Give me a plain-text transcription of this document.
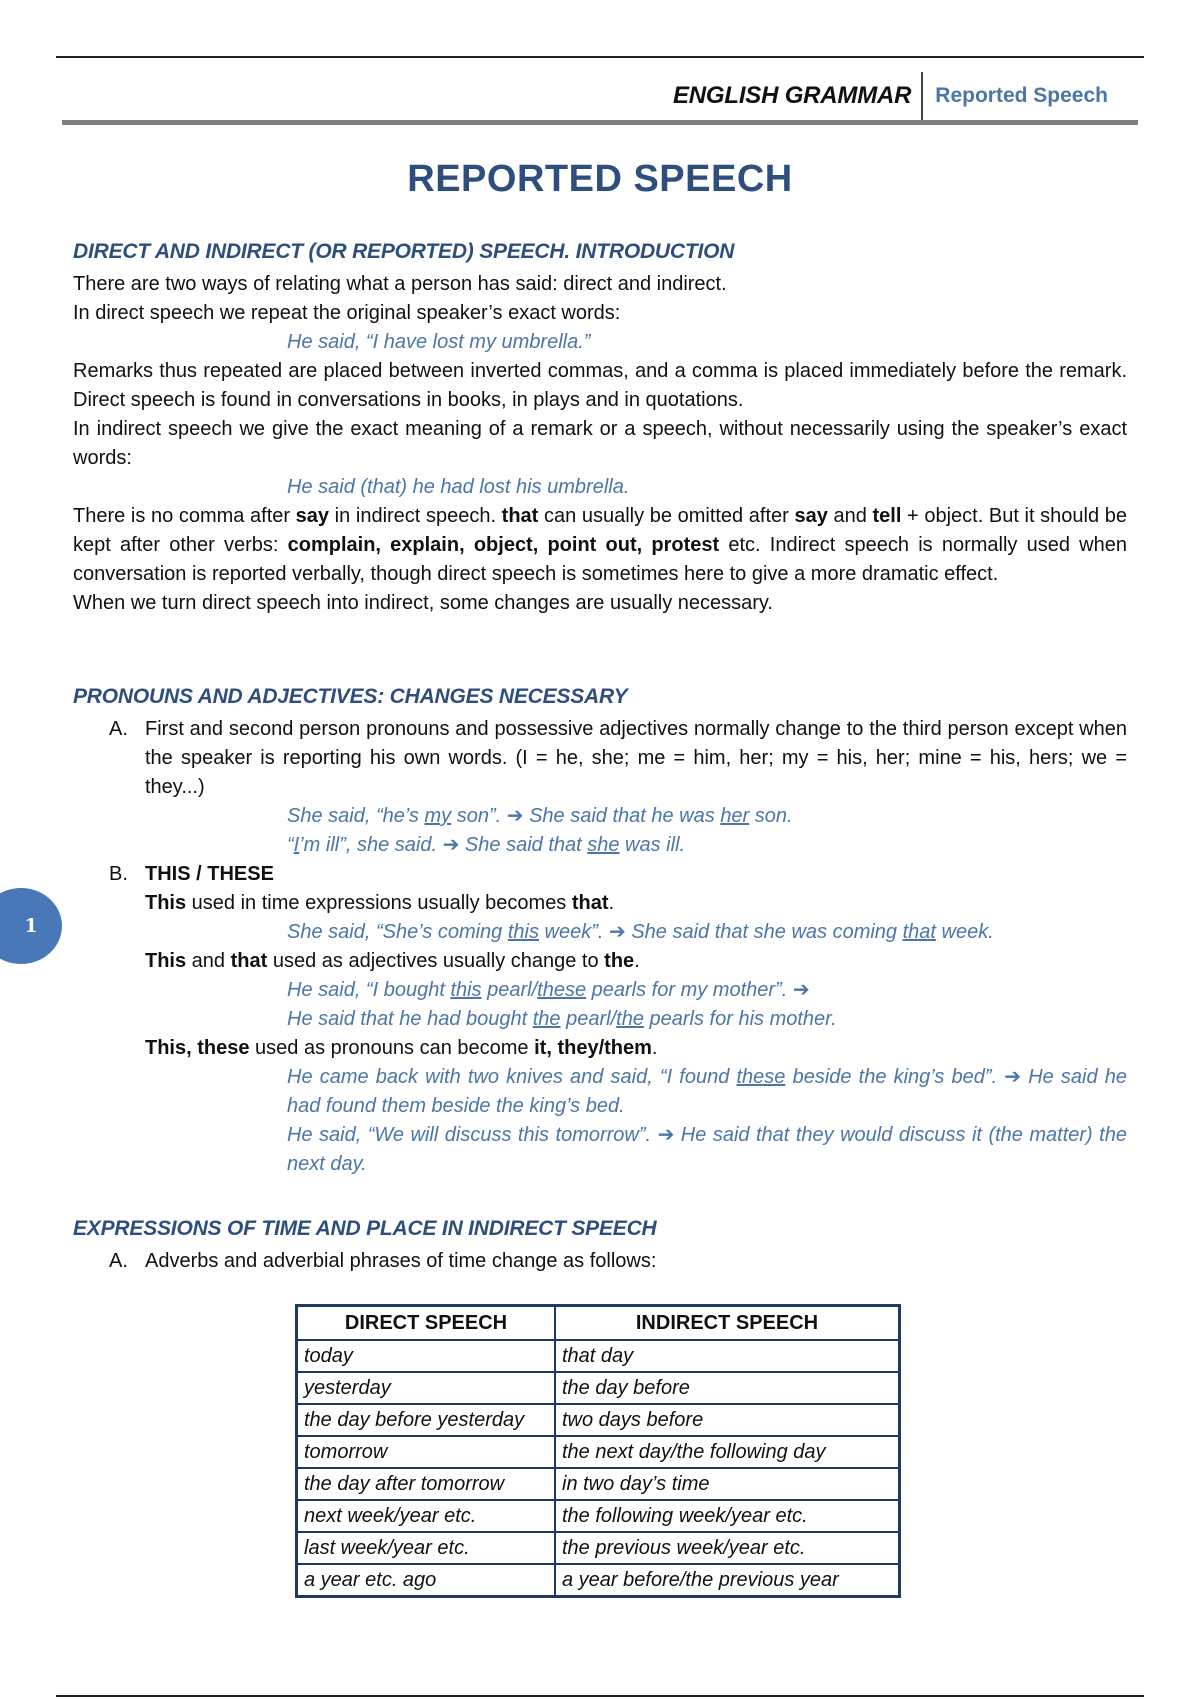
ENGLISH GRAMMAR	Reported Speech
REPORTED SPEECH
1
DIRECT AND INDIRECT (OR REPORTED) SPEECH. INTRODUCTION

There are two ways of relating what a person has said: direct and indirect.

In direct speech we repeat the original speaker’s exact words:

He said, “I have lost my umbrella.”

Remarks thus repeated are placed between inverted commas, and a comma is placed immediately before the remark. Direct speech is found in conversations in books, in plays and in quotations.

In indirect speech we give the exact meaning of a remark or a speech, without necessarily using the speaker’s exact words:

He said (that) he had lost his umbrella.

There is no comma after say in indirect speech. that can usually be omitted after say and tell + object. But it should be kept after other verbs: complain, explain, object, point out, protest etc. Indirect speech is normally used when conversation is reported verbally, though direct speech is sometimes here to give a more dramatic effect.

When we turn direct speech into indirect, some changes are usually necessary.

PRONOUNS AND ADJECTIVES: CHANGES NECESSARY
A. First and second person pronouns and possessive adjectives normally change to the third person except when the speaker is reporting his own words. (I = he, she; me = him, her; my = his, her; mine = his, hers; we = they...)
She said, “he’s my son”. ➔ She said that he was her son.
“I’m ill”, she said. ➔ She said that she was ill.
B. THIS / THESE

This used in time expressions usually becomes that.

She said, “She’s coming this week”. ➔ She said that she was coming that week.

This and that used as adjectives usually change to the.

He said, “I bought this pearl/these pearls for my mother”. ➔
He said that he had bought the pearl/the pearls for his mother.

This, these used as pronouns can become it, they/them.

He came back with two knives and said, “I found these beside the king’s bed”. ➔ He said he had found them beside the king’s bed.
He said, “We will discuss this tomorrow”. ➔ He said that they would discuss it (the matter) the next day.
EXPRESSIONS OF TIME AND PLACE IN INDIRECT SPEECH
A. Adverbs and adverbial phrases of time change as follows:
DIRECT SPEECH	INDIRECT SPEECH
today	that day
yesterday	the day before
the day before yesterday	two days before
tomorrow	the next day/the following day
the day after tomorrow	in two day’s time
next week/year etc.	the following week/year etc.
last week/year etc.	the previous week/year etc.
a year etc. ago	a year before/the previous year
